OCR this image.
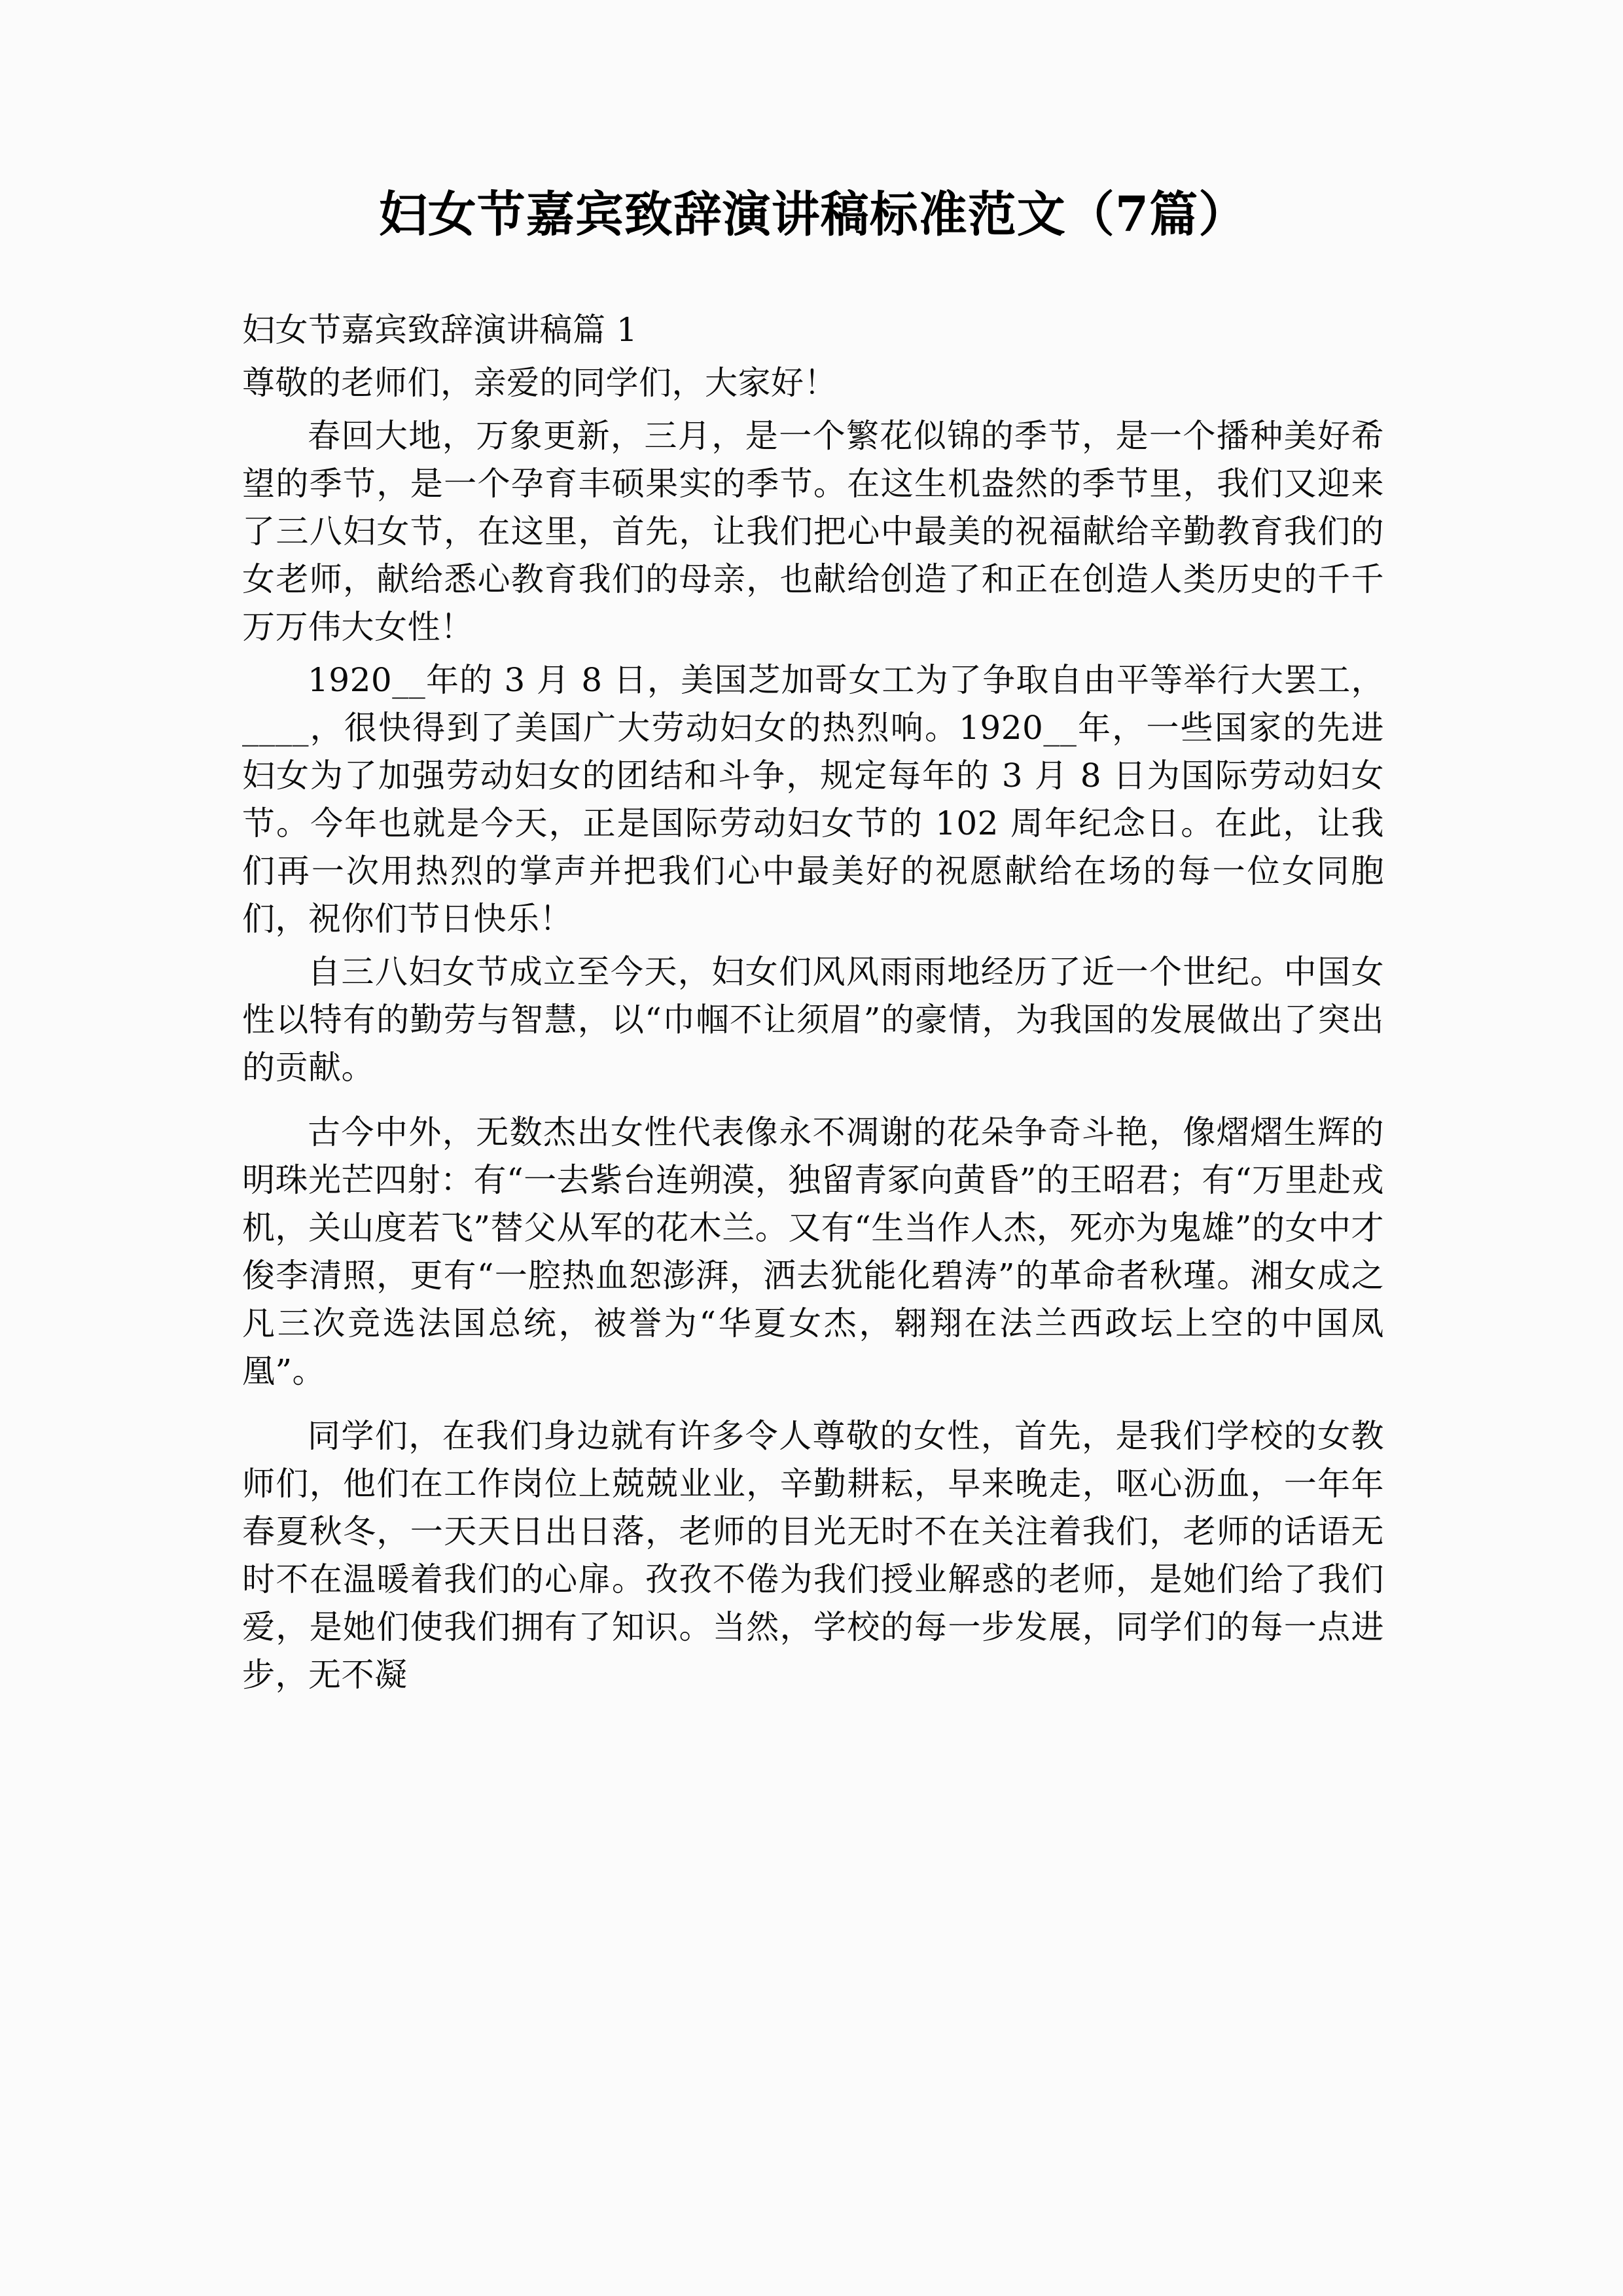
妇女节嘉宾致辞演讲稿标准范文（7篇）

妇女节嘉宾致辞演讲稿篇 1

尊敬的老师们，亲爱的同学们，大家好！

春回大地，万象更新，三月，是一个繁花似锦的季节，是一个播种美好希望的季节，是一个孕育丰硕果实的季节。在这生机盎然的季节里，我们又迎来了三八妇女节，在这里，首先，让我们把心中最美的祝福献给辛勤教育我们的女老师，献给悉心教育我们的母亲，也献给创造了和正在创造人类历史的千千万万伟大女性！

1920__年的 3 月 8 日，美国芝加哥女工为了争取自由平等举行大罢工，____，很快得到了美国广大劳动妇女的热烈响。1920__年，一些国家的先进妇女为了加强劳动妇女的团结和斗争，规定每年的 3 月 8 日为国际劳动妇女节。今年也就是今天，正是国际劳动妇女节的 102 周年纪念日。在此，让我们再一次用热烈的掌声并把我们心中最美好的祝愿献给在场的每一位女同胞们，祝你们节日快乐！

自三八妇女节成立至今天，妇女们风风雨雨地经历了近一个世纪。中国女性以特有的勤劳与智慧，以“巾帼不让须眉”的豪情，为我国的发展做出了突出的贡献。

古今中外，无数杰出女性代表像永不凋谢的花朵争奇斗艳，像熠熠生辉的明珠光芒四射：有“一去紫台连朔漠，独留青冢向黄昏”的王昭君；有“万里赴戎机，关山度若飞”替父从军的花木兰。又有“生当作人杰，死亦为鬼雄”的女中才俊李清照，更有“一腔热血恕澎湃，洒去犹能化碧涛”的革命者秋瑾。湘女成之凡三次竞选法国总统，被誉为“华夏女杰，翱翔在法兰西政坛上空的中国凤凰”。

同学们，在我们身边就有许多令人尊敬的女性，首先，是我们学校的女教师们，他们在工作岗位上兢兢业业，辛勤耕耘，早来晚走，呕心沥血，一年年春夏秋冬，一天天日出日落，老师的目光无时不在关注着我们，老师的话语无时不在温暖着我们的心扉。孜孜不倦为我们授业解惑的老师，是她们给了我们爱，是她们使我们拥有了知识。当然，学校的每一步发展，同学们的每一点进步，无不凝
